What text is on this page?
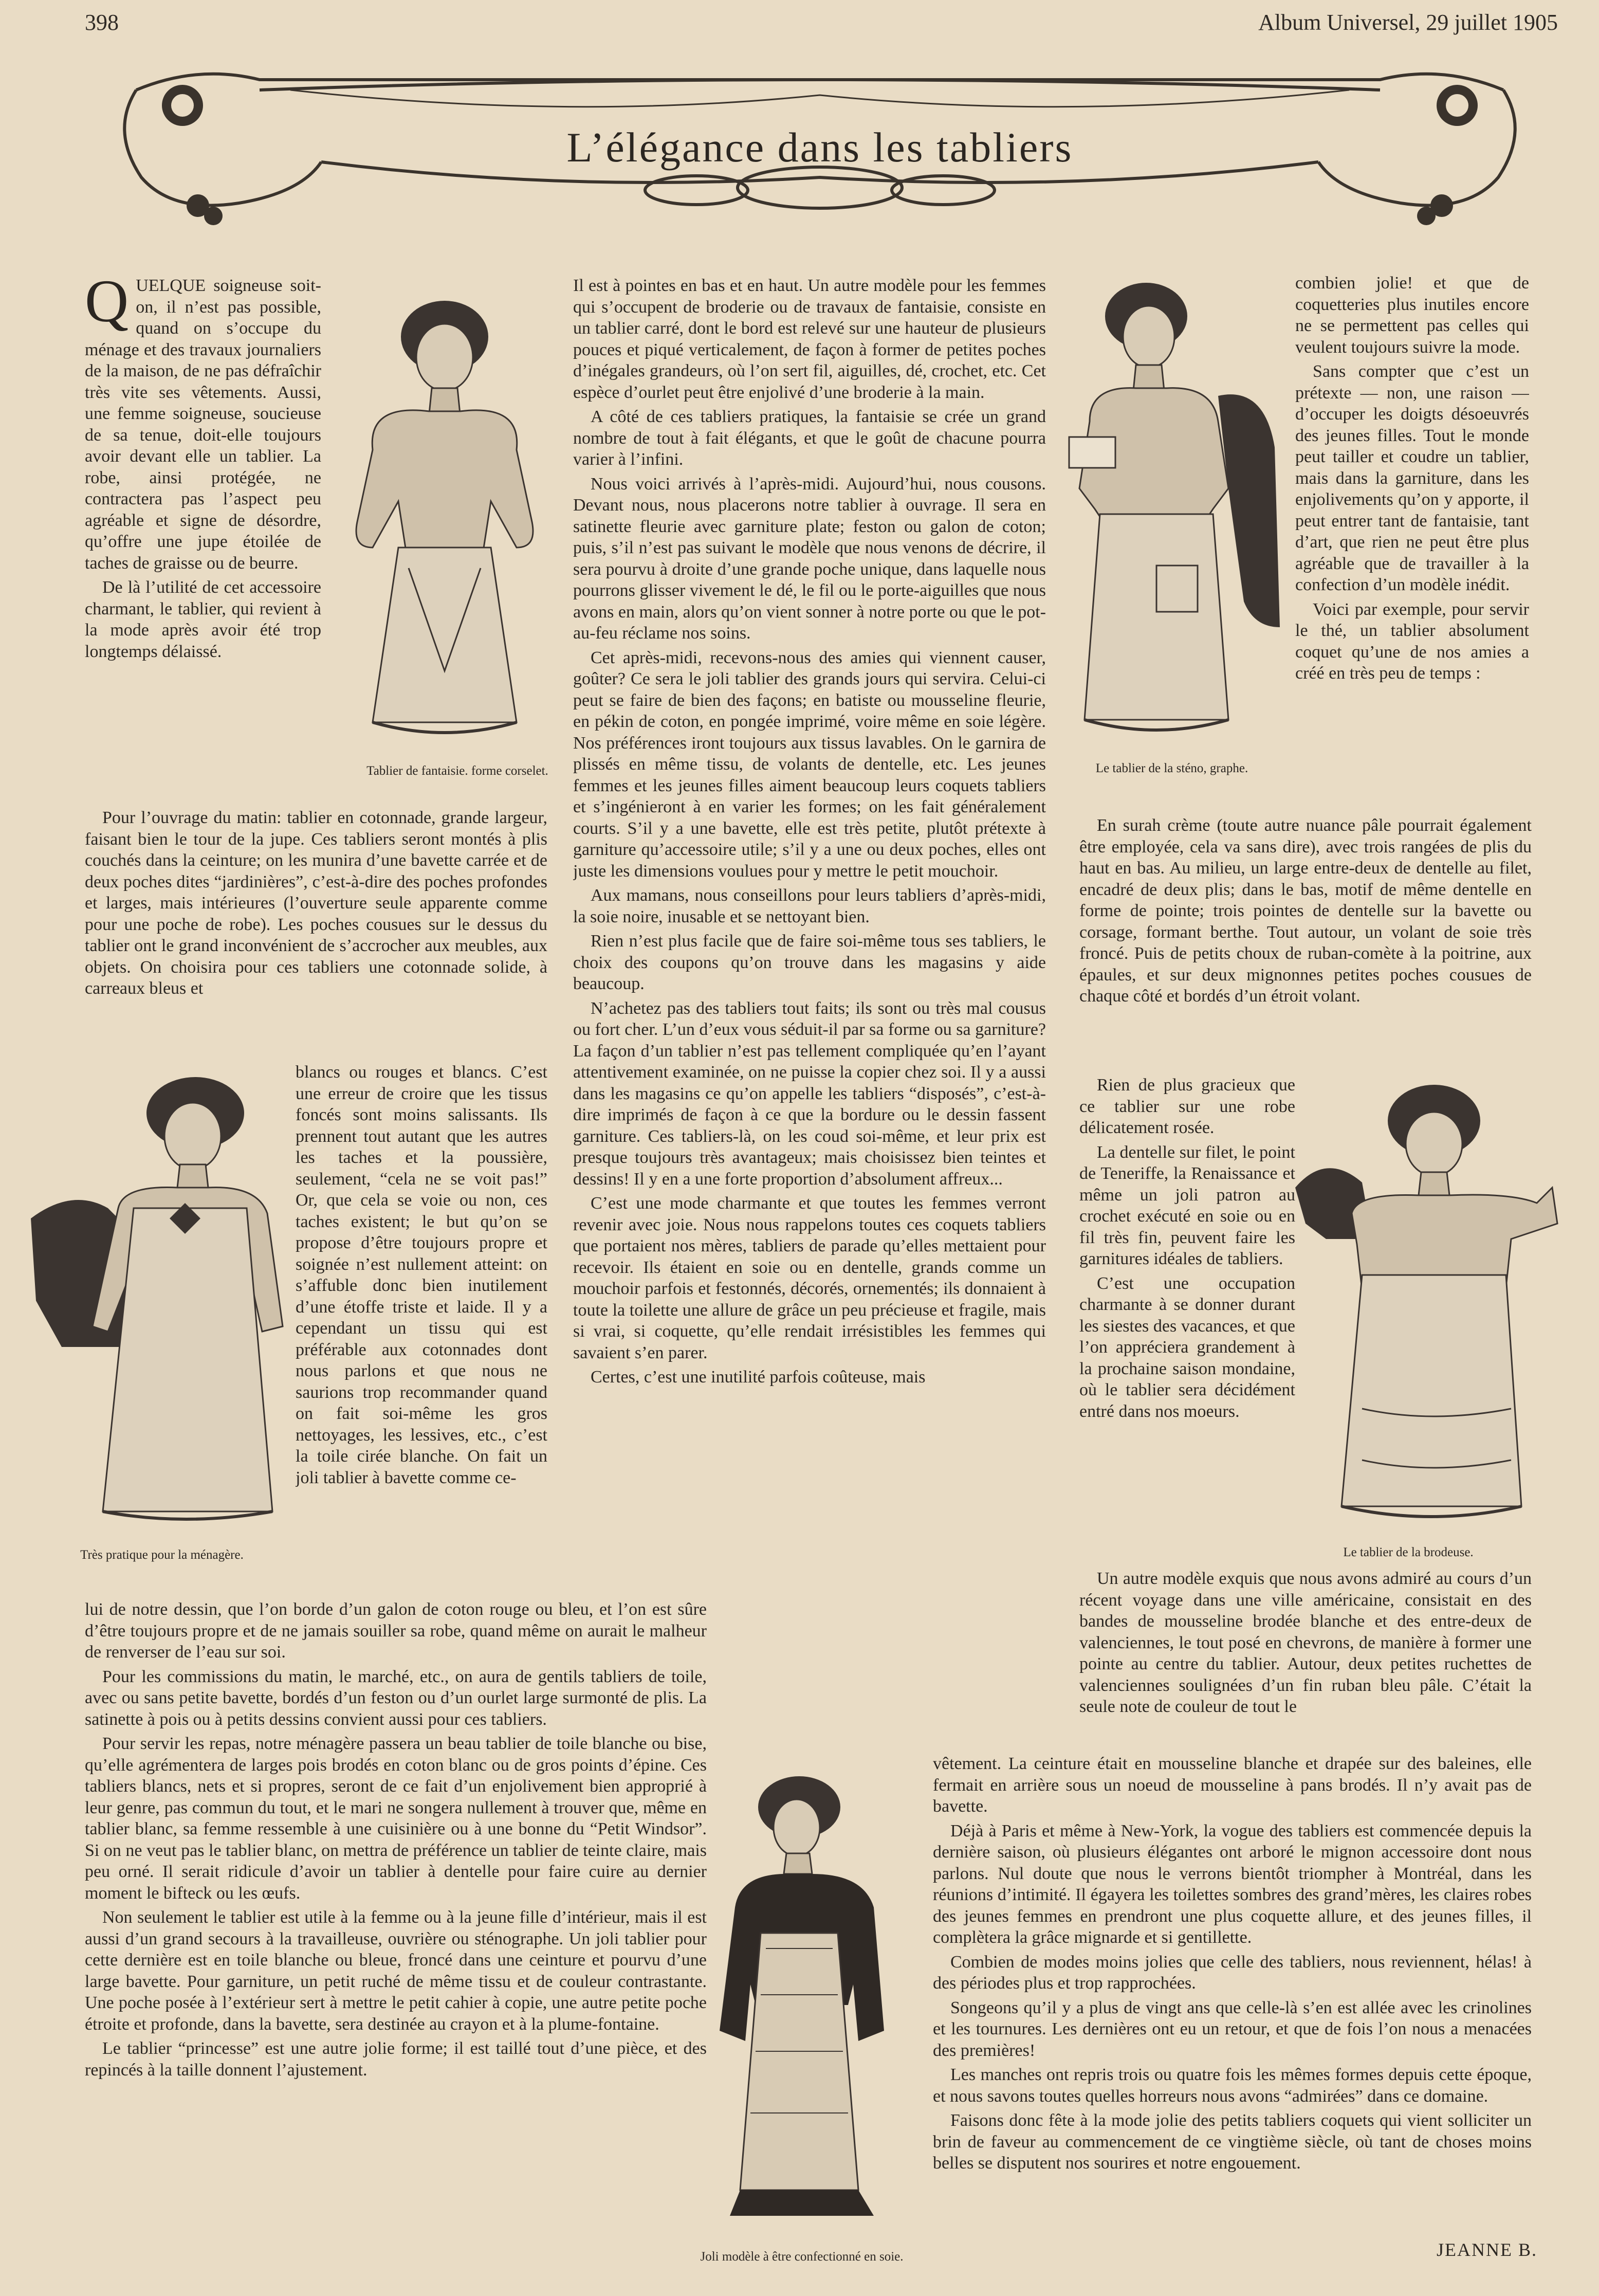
398	Album Universel, 29 juillet 1905
L’élégance dans les tabliers
Tablier de fantaisie. forme corselet.	Le tablier de la sténo, graphe.
Très pratique pour la ménagère.	Le tablier de la brodeuse.
Joli modèle à être confectionné en soie.

QUELQUE soigneuse soit-on, il n’est pas possible, quand on s’occupe du ménage et des travaux journaliers de la maison, de ne pas défraîchir très vite ses vêtements. Aussi, une femme soigneuse, soucieuse de sa tenue, doit-elle toujours avoir devant elle un tablier. La robe, ainsi protégée, ne contractera pas l’aspect peu agréable et signe de désordre, qu’offre une jupe étoilée de taches de graisse ou de beurre.

De là l’utilité de cet accessoire charmant, le tablier, qui revient à la mode après avoir été trop longtemps délaissé.

Pour l’ouvrage du matin: tablier en cotonnade, grande largeur, faisant bien le tour de la jupe. Ces tabliers seront montés à plis couchés dans la ceinture; on les munira d’une bavette carrée et de deux poches dites “jardinières”, c’est-à-dire des poches profondes et larges, mais intérieures (l’ouverture seule apparente comme pour une poche de robe). Les poches cousues sur le dessus du tablier ont le grand inconvénient de s’accrocher aux meubles, aux objets. On choisira pour ces tabliers une cotonnade solide, à carreaux bleus et

blancs ou rouges et blancs. C’est une erreur de croire que les tissus foncés sont moins salissants. Ils prennent tout autant que les autres les taches et la poussière, seulement, “cela ne se voit pas!” Or, que cela se voie ou non, ces taches existent; le but qu’on se propose d’être toujours propre et soignée n’est nullement atteint: on s’affuble donc bien inutilement d’une étoffe triste et laide. Il y a cependant un tissu qui est préférable aux cotonnades dont nous parlons et que nous ne saurions trop recommander quand on fait soi-même les gros nettoyages, les lessives, etc., c’est la toile cirée blanche. On fait un joli tablier à bavette comme ce-

lui de notre dessin, que l’on borde d’un galon de coton rouge ou bleu, et l’on est sûre d’être toujours propre et de ne jamais souiller sa robe, quand même on aurait le malheur de renverser de l’eau sur soi.

Pour les commissions du matin, le marché, etc., on aura de gentils tabliers de toile, avec ou sans petite bavette, bordés d’un feston ou d’un ourlet large surmonté de plis. La satinette à pois ou à petits dessins convient aussi pour ces tabliers.

Pour servir les repas, notre ménagère passera un beau tablier de toile blanche ou bise, qu’elle agrémentera de larges pois brodés en coton blanc ou de gros points d’épine. Ces tabliers blancs, nets et si propres, seront de ce fait d’un enjolivement bien approprié à leur genre, pas commun du tout, et le mari ne songera nullement à trouver que, même en tablier blanc, sa femme ressemble à une cuisinière ou à une bonne du “Petit Windsor”. Si on ne veut pas le tablier blanc, on mettra de préférence un tablier de teinte claire, mais peu orné. Il serait ridicule d’avoir un tablier à dentelle pour faire cuire au dernier moment le bifteck ou les œufs.

Non seulement le tablier est utile à la femme ou à la jeune fille d’intérieur, mais il est aussi d’un grand secours à la travailleuse, ouvrière ou sténographe. Un joli tablier pour cette dernière est en toile blanche ou bleue, froncé dans une ceinture et pourvu d’une large bavette. Pour garniture, un petit ruché de même tissu et de couleur contrastante. Une poche posée à l’extérieur sert à mettre le petit cahier à copie, une autre petite poche étroite et profonde, dans la bavette, sera destinée au crayon et à la plume-fontaine.

Le tablier “princesse” est une autre jolie forme; il est taillé tout d’une pièce, et des repincés à la taille donnent l’ajustement.

Il est à pointes en bas et en haut. Un autre modèle pour les femmes qui s’occupent de broderie ou de travaux de fantaisie, consiste en un tablier carré, dont le bord est relevé sur une hauteur de plusieurs pouces et piqué verticalement, de façon à former de petites poches d’inégales grandeurs, où l’on sert fil, aiguilles, dé, crochet, etc. Cet espèce d’ourlet peut être enjolivé d’une broderie à la main.

A côté de ces tabliers pratiques, la fantaisie se crée un grand nombre de tout à fait élégants, et que le goût de chacune pourra varier à l’infini.

Nous voici arrivés à l’après-midi. Aujourd’hui, nous cousons. Devant nous, nous placerons notre tablier à ouvrage. Il sera en satinette fleurie avec garniture plate; feston ou galon de coton; puis, s’il n’est pas suivant le modèle que nous venons de décrire, il sera pourvu à droite d’une grande poche unique, dans laquelle nous pourrons glisser vivement le dé, le fil ou le porte-aiguilles que nous avons en main, alors qu’on vient sonner à notre porte ou que le pot-au-feu réclame nos soins.

Cet après-midi, recevons-nous des amies qui viennent causer, goûter? Ce sera le joli tablier des grands jours qui servira. Celui-ci peut se faire de bien des façons; en batiste ou mousseline fleurie, en pékin de coton, en pongée imprimé, voire même en soie légère. Nos préférences iront toujours aux tissus lavables. On le garnira de plissés en même tissu, de volants de dentelle, etc. Les jeunes femmes et les jeunes filles aiment beaucoup leurs coquets tabliers et s’ingénieront à en varier les formes; on les fait généralement courts. S’il y a une bavette, elle est très petite, plutôt prétexte à garniture qu’accessoire utile; s’il y a une ou deux poches, elles ont juste les dimensions voulues pour y mettre le petit mouchoir.

Aux mamans, nous conseillons pour leurs tabliers d’après-midi, la soie noire, inusable et se nettoyant bien.

Rien n’est plus facile que de faire soi-même tous ses tabliers, le choix des coupons qu’on trouve dans les magasins y aide beaucoup.

N’achetez pas des tabliers tout faits; ils sont ou très mal cousus ou fort cher. L’un d’eux vous séduit-il par sa forme ou sa garniture? La façon d’un tablier n’est pas tellement compliquée qu’en l’ayant attentivement examinée, on ne puisse la copier chez soi. Il y a aussi dans les magasins ce qu’on appelle les tabliers “disposés”, c’est-à-dire imprimés de façon à ce que la bordure ou le dessin fassent garniture. Ces tabliers-là, on les coud soi-même, et leur prix est presque toujours très avantageux; mais choisissez bien teintes et dessins! Il y en a une forte proportion d’absolument affreux...

C’est une mode charmante et que toutes les femmes verront revenir avec joie. Nous nous rappelons toutes ces coquets tabliers que portaient nos mères, tabliers de parade qu’elles mettaient pour recevoir. Ils étaient en soie ou en dentelle, grands comme un mouchoir parfois et festonnés, décorés, ornementés; ils donnaient à toute la toilette une allure de grâce un peu précieuse et fragile, mais si vrai, si coquette, qu’elle rendait irrésistibles les femmes qui savaient s’en parer.

Certes, c’est une inutilité parfois coûteuse, mais

combien jolie! et que de coquetteries plus inutiles encore ne se permettent pas celles qui veulent toujours suivre la mode.

Sans compter que c’est un prétexte — non, une raison — d’occuper les doigts désoeuvrés des jeunes filles. Tout le monde peut tailler et coudre un tablier, mais dans la garniture, dans les enjolivements qu’on y apporte, il peut entrer tant de fantaisie, tant d’art, que rien ne peut être plus agréable que de travailler à la confection d’un modèle inédit.

Voici par exemple, pour servir le thé, un tablier absolument coquet qu’une de nos amies a créé en très peu de temps :

En surah crème (toute autre nuance pâle pourrait également être employée, cela va sans dire), avec trois rangées de plis du haut en bas. Au milieu, un large entre-deux de dentelle au filet, encadré de deux plis; dans le bas, motif de même dentelle en forme de pointe; trois pointes de dentelle sur la bavette ou corsage, formant berthe. Tout autour, un volant de soie très froncé. Puis de petits choux de ruban-comète à la poitrine, aux épaules, et sur deux mignonnes petites poches cousues de chaque côté et bordés d’un étroit volant.

Rien de plus gracieux que ce tablier sur une robe délicatement rosée.

La dentelle sur filet, le point de Teneriffe, la Renaissance et même un joli patron au crochet exécuté en soie ou en fil très fin, peuvent faire les garnitures idéales de tabliers.

C’est une occupation charmante à se donner durant les siestes des vacances, et que l’on appréciera grandement à la prochaine saison mondaine, où le tablier sera décidément entré dans nos moeurs.

Un autre modèle exquis que nous avons admiré au cours d’un récent voyage dans une ville américaine, consistait en des bandes de mousseline brodée blanche et des entre-deux de valenciennes, le tout posé en chevrons, de manière à former une pointe au centre du tablier. Autour, deux petites ruchettes de valenciennes soulignées d’un fin ruban bleu pâle. C’était la seule note de couleur de tout le

vêtement. La ceinture était en mousseline blanche et drapée sur des baleines, elle fermait en arrière sous un noeud de mousseline à pans brodés. Il n’y avait pas de bavette.

Déjà à Paris et même à New-York, la vogue des tabliers est commencée depuis la dernière saison, où plusieurs élégantes ont arboré le mignon accessoire dont nous parlons. Nul doute que nous le verrons bientôt triompher à Montréal, dans les réunions d’intimité. Il égayera les toilettes sombres des grand’mères, les claires robes des jeunes femmes en prendront une plus coquette allure, et des jeunes filles, il complètera la grâce mignarde et si gentillette.

Combien de modes moins jolies que celle des tabliers, nous reviennent, hélas! à des périodes plus et trop rapprochées.

Songeons qu’il y a plus de vingt ans que celle-là s’en est allée avec les crinolines et les tournures. Les dernières ont eu un retour, et que de fois l’on nous a menacées des premières!

Les manches ont repris trois ou quatre fois les mêmes formes depuis cette époque, et nous savons toutes quelles horreurs nous avons “admirées” dans ce domaine.

Faisons donc fête à la mode jolie des petits tabliers coquets qui vient solliciter un brin de faveur au commencement de ce vingtième siècle, où tant de choses moins belles se disputent nos sourires et notre engouement.

JEANNE B.
